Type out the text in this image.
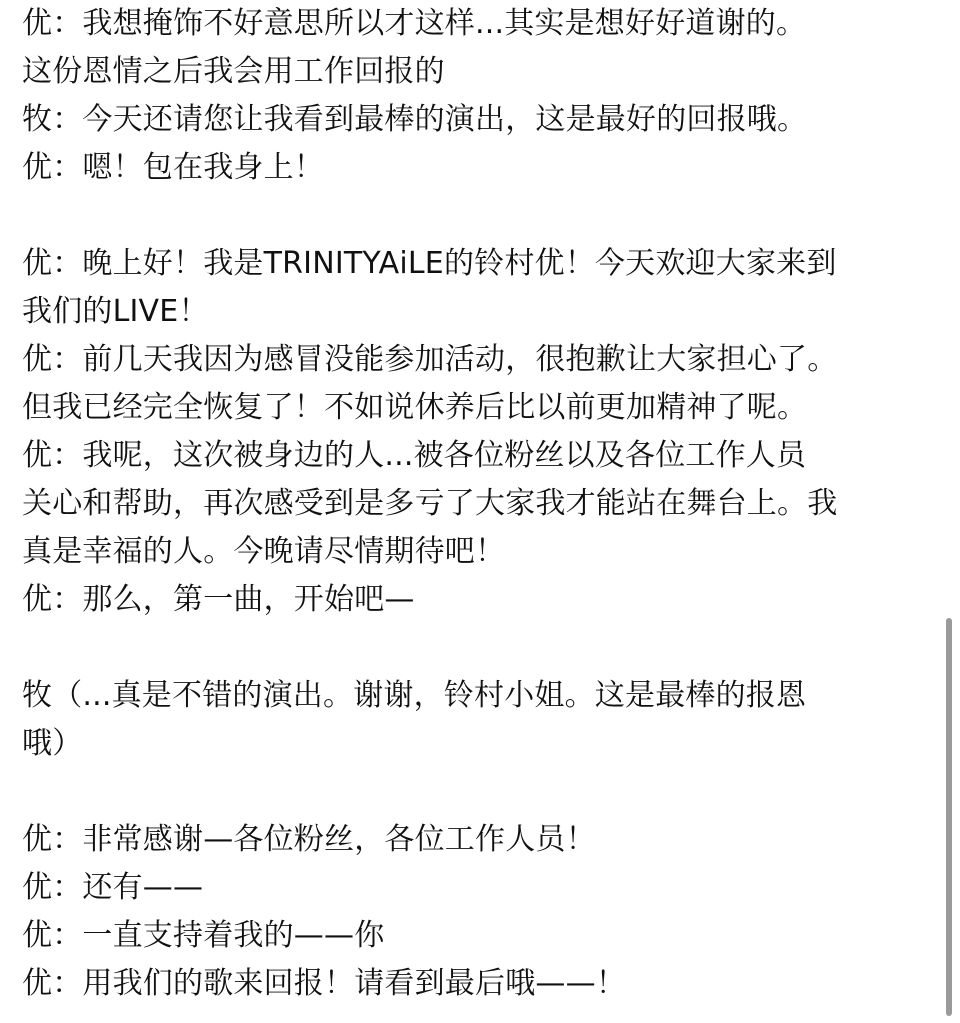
优：我想掩饰不好意思所以才这样...其实是想好好道谢的。
这份恩情之后我会用工作回报的
牧：今天还请您让我看到最棒的演出，这是最好的回报哦。
优：嗯！包在我身上！
优：晚上好！我是TRINITYAiLE的铃村优！今天欢迎大家来到
我们的LIVE！
优：前几天我因为感冒没能参加活动，很抱歉让大家担心了。
但我已经完全恢复了！不如说休养后比以前更加精神了呢。
优：我呢，这次被身边的人...被各位粉丝以及各位工作人员
关心和帮助，再次感受到是多亏了大家我才能站在舞台上。我
真是幸福的人。今晚请尽情期待吧！
优：那么，第一曲，开始吧—
牧（...真是不错的演出。谢谢，铃村小姐。这是最棒的报恩
哦）
优：非常感谢—各位粉丝，各位工作人员！
优：还有——
优：一直支持着我的——你
优：用我们的歌来回报！请看到最后哦——！
